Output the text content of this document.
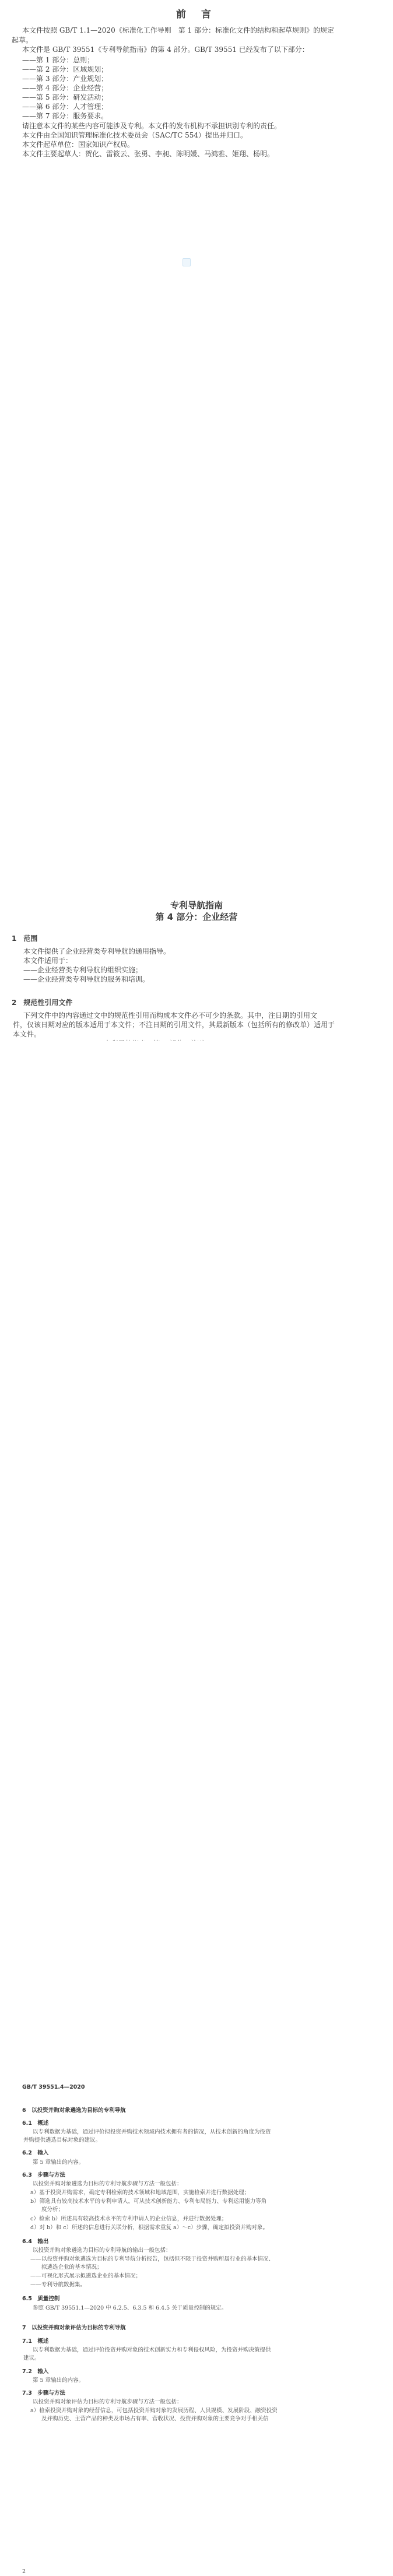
前 言
本文件按照 GB/T 1.1—2020《标准化工作导则　第 1 部分：标准化文件的结构和起草规则》的规定
起草。
本文件是 GB/T 39551《专利导航指南》的第 4 部分。GB/T 39551 已经发布了以下部分：
——第 1 部分：总则；
——第 2 部分：区域规划；
——第 3 部分：产业规划；
——第 4 部分：企业经营；
——第 5 部分：研发活动；
——第 6 部分：人才管理；
——第 7 部分：服务要求。
请注意本文件的某些内容可能涉及专利。本文件的发布机构不承担识别专利的责任。
本文件由全国知识管理标准化技术委员会（SAC/TC 554）提出并归口。
本文件起草单位：国家知识产权局。
本文件主要起草人：贺化、雷筱云、张勇、李昶、陈明媛、马鸿雅、姬翔、杨明。
专利导航指南
第 4 部分：企业经营
1　范围
本文件提供了企业经营类专利导航的通用指导。
本文件适用于：
——企业经营类专利导航的组织实施；
——企业经营类专利导航的服务和培训。
2　规范性引用文件
下列文件中的内容通过文中的规范性引用而构成本文件必不可少的条款。其中，注日期的引用文
件，仅该日期对应的版本适用于本文件；不注日期的引用文件，其最新版本（包括所有的修改单）适用于
本文件。
GB/T 39551.4—2020
6　以投资并购对象遴选为目标的专利导航
6.1　概述
以专利数据为基础，通过评价拟投资并购技术领域内技术拥有者的情况，从技术创新的角度为投资
并购提供遴选目标对象的建议。
6.2　输入
第 5 章输出的内容。
6.3　步骤与方法
以投资并购对象遴选为目标的专利导航步骤与方法一般包括：
a）基于投资并购需求，确定专利检索的技术领域和地域范围，实施检索并进行数据处理；
b）筛选具有较高技术水平的专利申请人，可从技术创新能力、专利布局能力、专利运用能力等角
　　度分析；
c）检索 b）所述具有较高技术水平的专利申请人的企业信息，并进行数据处理；
d）对 b）和 c）所述的信息进行关联分析，根据需求重复 a）～c）步骤，确定拟投资并购对象。
6.4　输出
以投资并购对象遴选为目标的专利导航的输出一般包括：
——以投资并购对象遴选为目标的专利导航分析报告，包括但不限于投资并购所属行业的基本情况、
　　拟遴选企业的基本情况；
——可视化形式展示拟遴选企业的基本情况；
——专利导航数据集。
6.5　质量控制
参照 GB/T 39551.1—2020 中 6.2.5、6.3.5 和 6.4.5 关于质量控制的规定。
7　以投资并购对象评估为目标的专利导航
7.1　概述
以专利数据为基础，通过评价投资并购对象的技术创新实力和专利侵权风险，为投资并购决策提供
建议。
7.2　输入
第 5 章输出的内容。
7.3　步骤与方法
以投资并购对象评估为目标的专利导航步骤与方法一般包括：
a）检索投资并购对象的经营信息，可包括投资并购对象的发展历程、人员规模、发展阶段、融资投资
　　及并购历史、主营产品的种类及市场占有率、营收状况、投资并购对象的主要竞争对手相关信
2
